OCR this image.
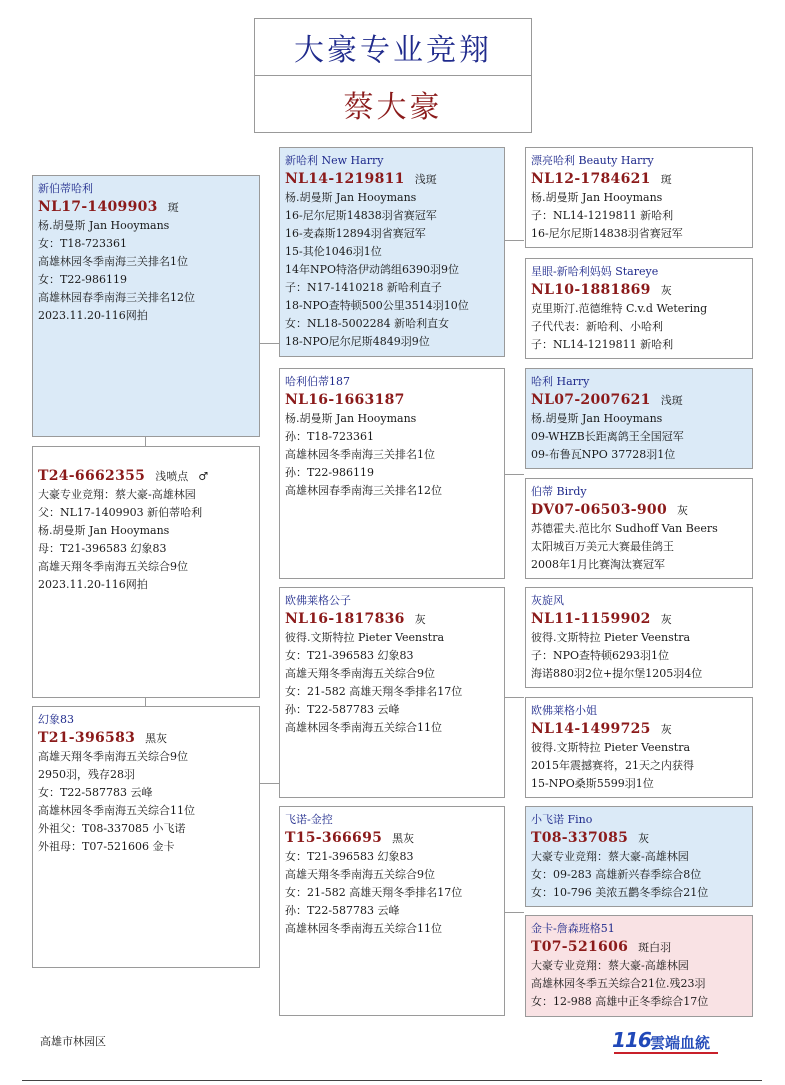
大豪专业竞翔
蔡大豪
新伯蒂哈利
NL17-1409903 斑
杨.胡曼斯 Jan Hooymans
女：T18-723361
高雄林园冬季南海三关排名1位
女：T22-986119
高雄林园春季南海三关排名12位
2023.11.20-116网拍
T24-6662355 浅喷点 ♂
大豪专业竞翔：蔡大豪-高雄林园
父：NL17-1409903 新伯蒂哈利
杨.胡曼斯 Jan Hooymans
母：T21-396583 幻象83
高雄天翔冬季南海五关综合9位
2023.11.20-116网拍
幻象83
T21-396583 黑灰
高雄天翔冬季南海五关综合9位
2950羽，残存28羽
女：T22-587783 云峰
高雄林园冬季南海五关综合11位
外祖父：T08-337085 小飞诺
外祖母：T07-521606 金卡
新哈利 New Harry
NL14-1219811 浅斑
杨.胡曼斯 Jan Hooymans
16-尼尔尼斯14838羽省赛冠军
16-麦森斯12894羽省赛冠军
15-其伦1046羽1位
14年NPO特洛伊动鸽组6390羽9位
子：N17-1410218 新哈利直子
18-NPO查特顿500公里3514羽10位
女：NL18-5002284 新哈利直女
18-NPO尼尔尼斯4849羽9位
哈利伯蒂187
NL16-1663187
杨.胡曼斯 Jan Hooymans
孙：T18-723361
高雄林园冬季南海三关排名1位
孙：T22-986119
高雄林园春季南海三关排名12位
欧佛莱格公子
NL16-1817836 灰
彼得.文斯特拉 Pieter Veenstra
女：T21-396583 幻象83
高雄天翔冬季南海五关综合9位
女：21-582 高雄天翔冬季排名17位
孙：T22-587783 云峰
高雄林园冬季南海五关综合11位
飞诺-金控
T15-366695 黑灰
女：T21-396583 幻象83
高雄天翔冬季南海五关综合9位
女：21-582 高雄天翔冬季排名17位
孙：T22-587783 云峰
高雄林园冬季南海五关综合11位
漂亮哈利 Beauty Harry
NL12-1784621 斑
杨.胡曼斯 Jan Hooymans
子：NL14-1219811 新哈利
16-尼尔尼斯14838羽省赛冠军
星眼-新哈利妈妈 Stareye
NL10-1881869 灰
克里斯汀.范德维特 C.v.d Wetering
子代代表：新哈利、小哈利
子：NL14-1219811 新哈利
哈利 Harry
NL07-2007621 浅斑
杨.胡曼斯 Jan Hooymans
09-WHZB长距离鸽王全国冠军
09-布鲁瓦NPO 37728羽1位
伯蒂 Birdy
DV07-06503-900 灰
苏德霍夫.范比尔 Sudhoff Van Beers
太阳城百万美元大赛最佳鸽王
2008年1月比赛淘汰赛冠军
灰旋风
NL11-1159902 灰
彼得.文斯特拉 Pieter Veenstra
子：NPO查特顿6293羽1位
海诺880羽2位+提尔堡1205羽4位
欧佛莱格小姐
NL14-1499725 灰
彼得.文斯特拉 Pieter Veenstra
2015年震撼赛将，21天之内获得
15-NPO桑斯5599羽1位
小飞诺 Fino
T08-337085 灰
大豪专业竞翔：蔡大豪-高雄林园
女：09-283 高雄新兴春季综合8位
女：10-796 美浓五鹳冬季综合21位
金卡-詹森班格51
T07-521606 斑白羽
大豪专业竞翔：蔡大豪-高雄林园
高雄林园冬季五关综合21位.残23羽
女：12-988 高雄中正冬季综合17位
高雄市林园区	116 雲端血統
